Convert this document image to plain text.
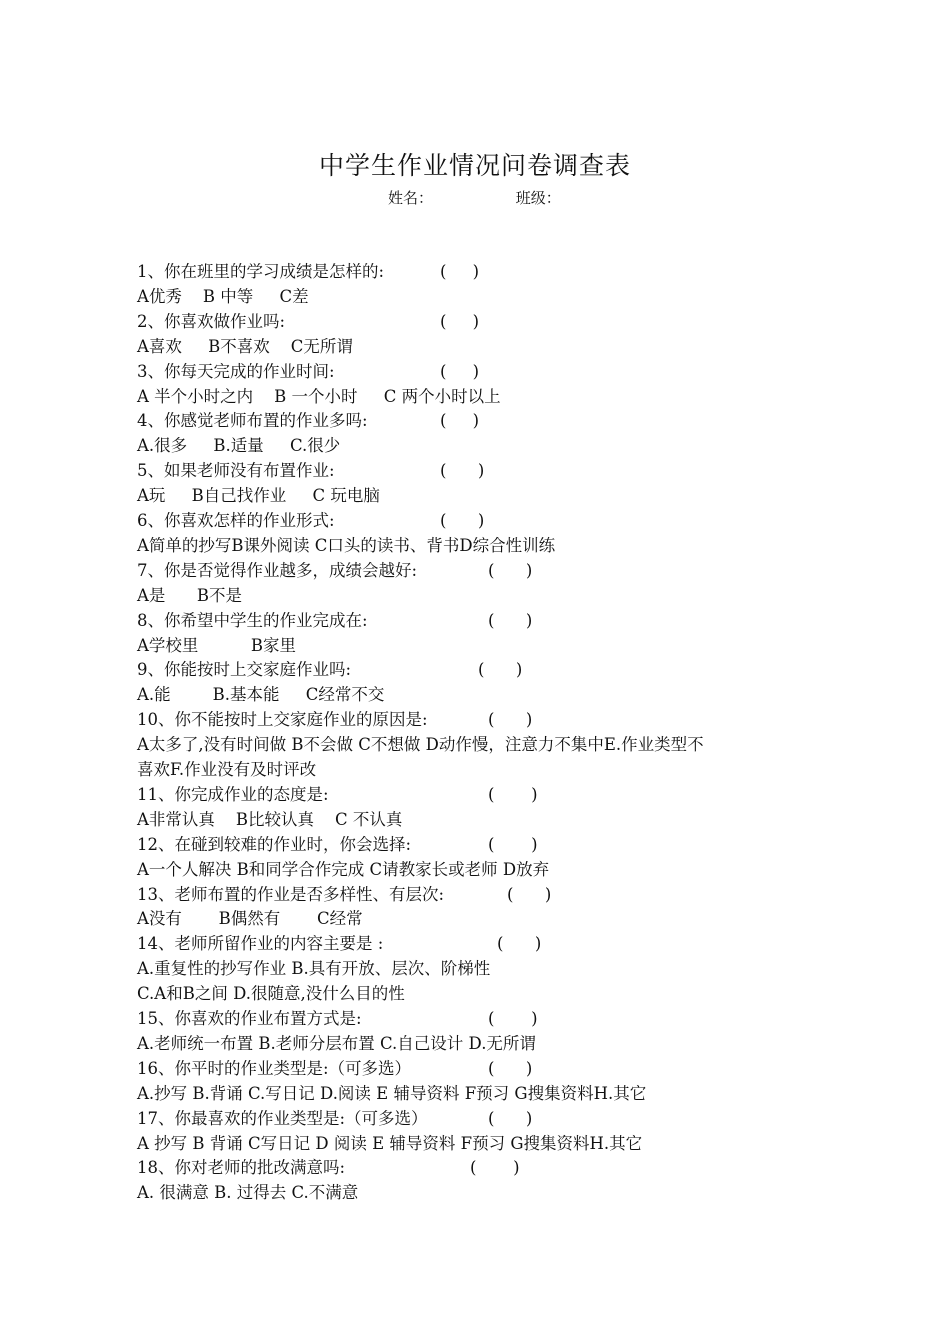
中学生作业情况问卷调查表
姓名：	班级：
1、你在班里的学习成绩是怎样的:	(     )
A优秀    B 中等     C差
2、你喜欢做作业吗:	(     )
A喜欢     B不喜欢    C无所谓
3、你每天完成的作业时间:	(     )
A 半个小时之内    B 一个小时     C 两个小时以上
4、你感觉老师布置的作业多吗:	(     )
A.很多     B.适量     C.很少
5、如果老师没有布置作业:	(      )
A玩     B自己找作业     C 玩电脑
6、你喜欢怎样的作业形式:	(      )
A简单的抄写B课外阅读 C口头的读书、背书D综合性训练
7、你是否觉得作业越多，成绩会越好:	(      )
A是      B不是
8、你希望中学生的作业完成在:	(      )
A学校里          B家里
9、你能按时上交家庭作业吗:	(      )
A.能        B.基本能     C经常不交
10、你不能按时上交家庭作业的原因是:	(      )
A太多了,没有时间做 B不会做 C不想做 D动作慢，注意力不集中E.作业类型不
喜欢F.作业没有及时评改
11、你完成作业的态度是:	(       )
A非常认真    B比较认真    C 不认真
12、在碰到较难的作业时，你会选择:	(       )
A一个人解决 B和同学合作完成 C请教家长或老师 D放弃
13、老师布置的作业是否多样性、有层次:	(      )
A没有       B偶然有       C经常
14、老师所留作业的内容主要是 :	(      )
A.重复性的抄写作业 B.具有开放、层次、阶梯性
C.A和B之间 D.很随意,没什么目的性
15、你喜欢的作业布置方式是:	(       )
A.老师统一布置 B.老师分层布置 C.自己设计 D.无所谓
16、你平时的作业类型是:（可多选）	(      )
A.抄写 B.背诵 C.写日记 D.阅读 E 辅导资料 F预习 G搜集资料H.其它
17、你最喜欢的作业类型是:（可多选）	(      )
A 抄写 B 背诵 C写日记 D 阅读 E 辅导资料 F预习 G搜集资料H.其它
18、你对老师的批改满意吗:	(       )
A. 很满意 B. 过得去 C.不满意
